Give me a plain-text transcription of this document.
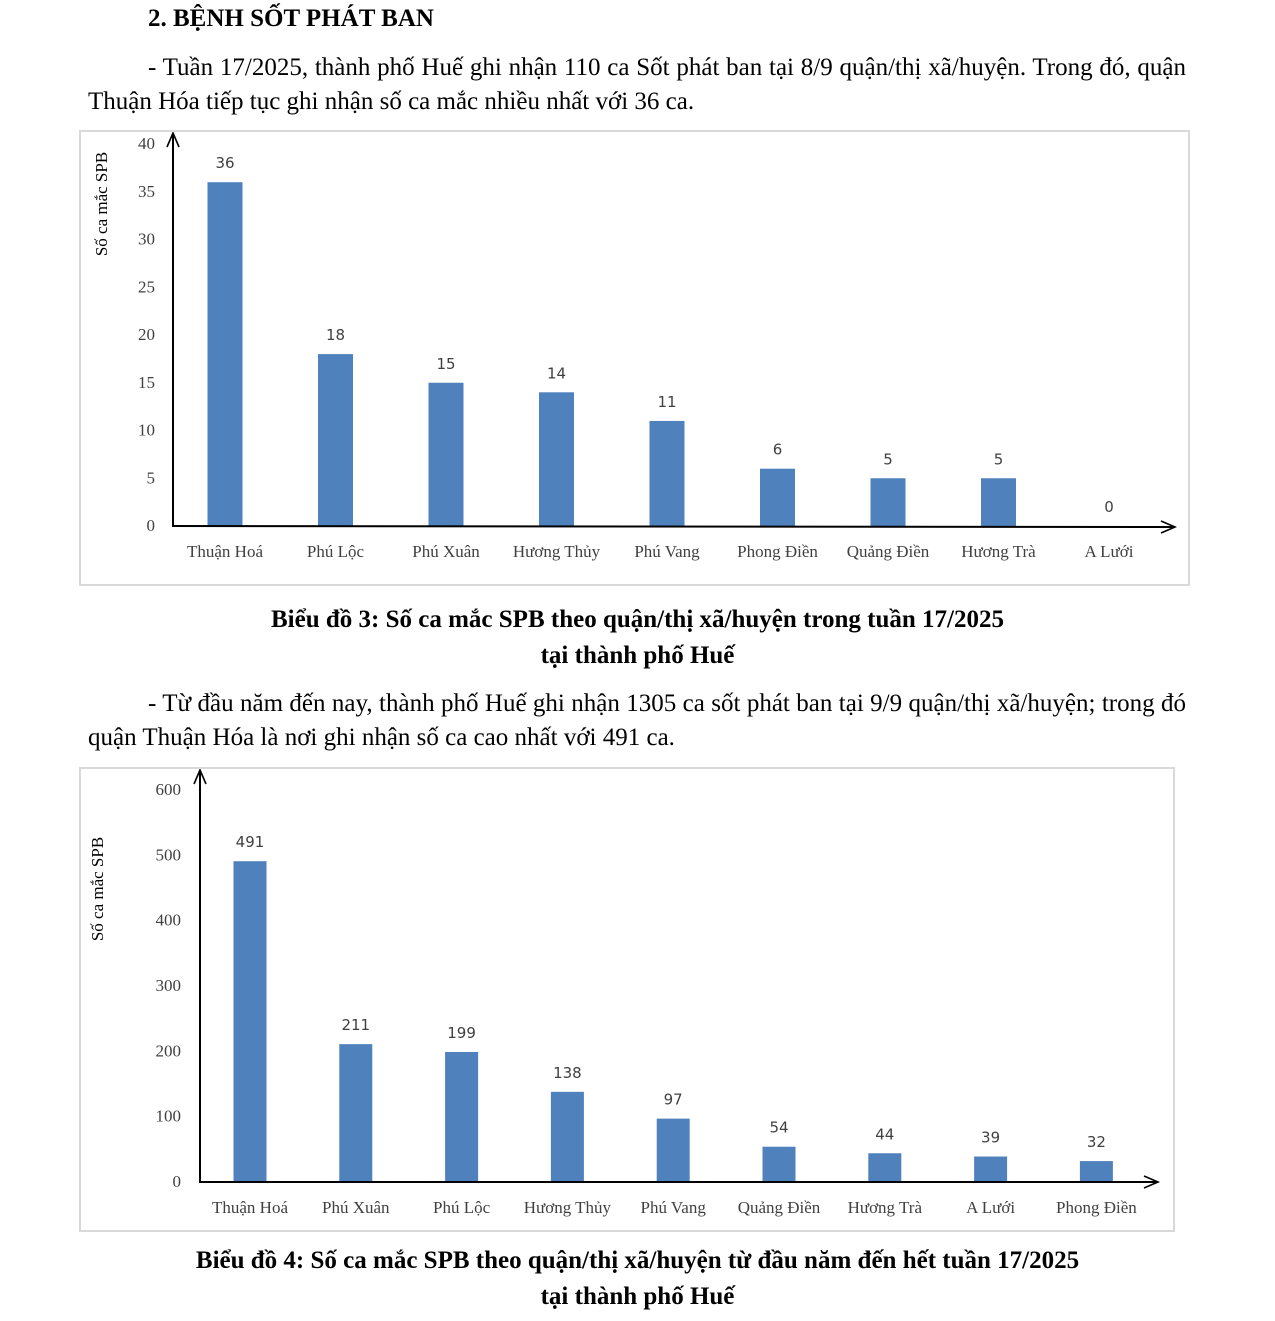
2. BỆNH SỐT PHÁT BAN

- Tuần 17/2025, thành phố Huế ghi nhận 110 ca Sốt phát ban tại 8/9 quận/thị xã/huyện. Trong đó, quận Thuận Hóa tiếp tục ghi nhận số ca mắc nhiều nhất với 36 ca.

0
5
10
15
20
25
30
35
40
Số ca mắc SPB	36
Thuận Hoá
18
Phú Lộc
15
Phú Xuân
14
Hương Thủy
11
Phú Vang
6
Phong Điền
5
Quảng Điền
5
Hương Trà
0
A Lưới
Biểu đồ 3: Số ca mắc SPB theo quận/thị xã/huyện trong tuần 17/2025
tại thành phố Huế

- Từ đầu năm đến nay, thành phố Huế ghi nhận 1305 ca sốt phát ban tại 9/9 quận/thị xã/huyện; trong đó quận Thuận Hóa là nơi ghi nhận số ca cao nhất với 491 ca.

0
100
200
300
400
500
600
Số ca mắc SPB	491
Thuận Hoá
211
Phú Xuân
199
Phú Lộc
138
Hương Thủy
97
Phú Vang
54
Quảng Điền
44
Hương Trà
39
A Lưới
32
Phong Điền
Biểu đồ 4: Số ca mắc SPB theo quận/thị xã/huyện từ đầu năm đến hết tuần 17/2025
tại thành phố Huế
